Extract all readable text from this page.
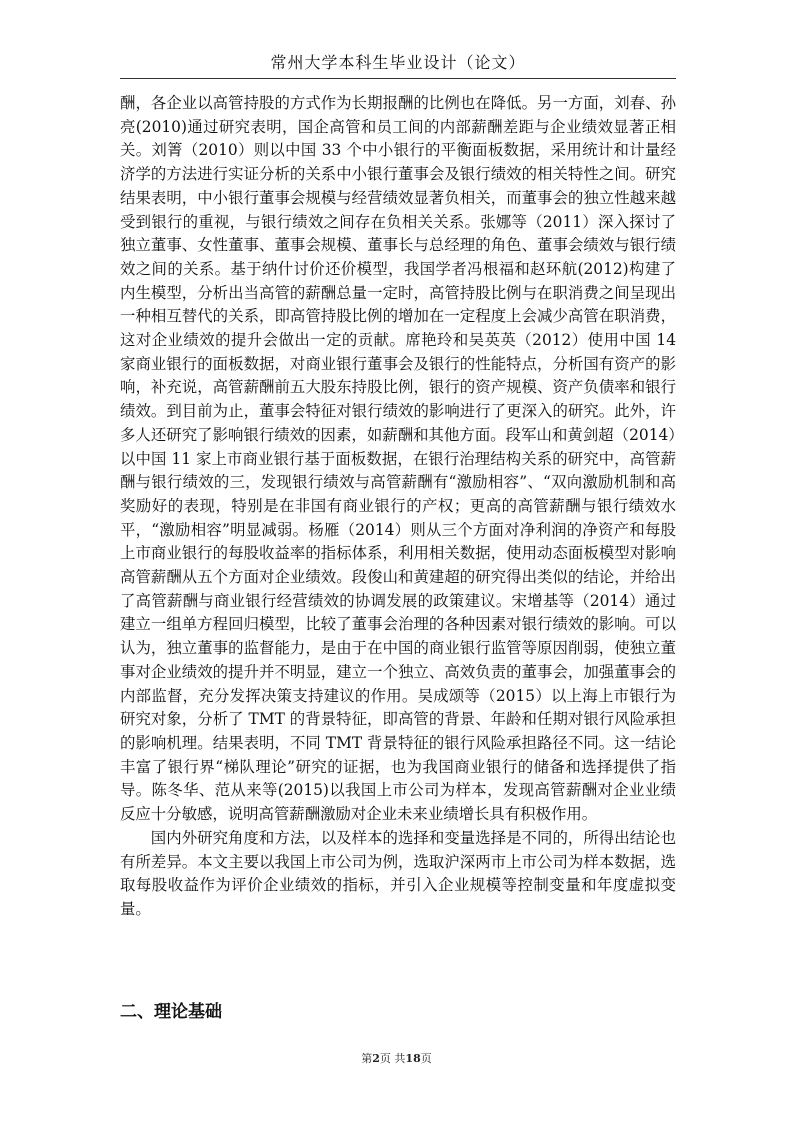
常州大学本科生毕业设计（论文）

酬，各企业以高管持股的方式作为长期报酬的比例也在降低。另一方面，刘春、孙亮(2010)通过研究表明，国企高管和员工间的内部薪酬差距与企业绩效显著正相关。刘箐（2010）则以中国 33 个中小银行的平衡面板数据，采用统计和计量经济学的方法进行实证分析的关系中小银行董事会及银行绩效的相关特性之间。研究结果表明，中小银行董事会规模与经营绩效显著负相关，而董事会的独立性越来越受到银行的重视，与银行绩效之间存在负相关关系。张娜等（2011）深入探讨了独立董事、女性董事、董事会规模、董事长与总经理的角色、董事会绩效与银行绩效之间的关系。基于纳什讨价还价模型，我国学者冯根福和赵环航(2012)构建了内生模型，分析出当高管的薪酬总量一定时，高管持股比例与在职消费之间呈现出一种相互替代的关系，即高管持股比例的增加在一定程度上会减少高管在职消费，这对企业绩效的提升会做出一定的贡献。席艳玲和吴英英（2012）使用中国 14 家商业银行的面板数据，对商业银行董事会及银行的性能特点，分析国有资产的影响，补充说，高管薪酬前五大股东持股比例，银行的资产规模、资产负债率和银行绩效。到目前为止，董事会特征对银行绩效的影响进行了更深入的研究。此外，许多人还研究了影响银行绩效的因素，如薪酬和其他方面。段军山和黄剑超（2014）以中国 11 家上市商业银行基于面板数据，在银行治理结构关系的研究中，高管薪酬与银行绩效的三，发现银行绩效与高管薪酬有“激励相容”、“双向激励机制和高奖励好的表现，特别是在非国有商业银行的产权；更高的高管薪酬与银行绩效水平，“激励相容”明显减弱。杨雁（2014）则从三个方面对净利润的净资产和每股上市商业银行的每股收益率的指标体系，利用相关数据，使用动态面板模型对影响高管薪酬从五个方面对企业绩效。段俊山和黄建超的研究得出类似的结论，并给出了高管薪酬与商业银行经营绩效的协调发展的政策建议。宋增基等（2014）通过建立一组单方程回归模型，比较了董事会治理的各种因素对银行绩效的影响。可以认为，独立董事的监督能力，是由于在中国的商业银行监管等原因削弱，使独立董事对企业绩效的提升并不明显，建立一个独立、高效负责的董事会，加强董事会的内部监督，充分发挥决策支持建议的作用。吴成颂等（2015）以上海上市银行为研究对象，分析了 TMT 的背景特征，即高管的背景、年龄和任期对银行风险承担的影响机理。结果表明，不同 TMT 背景特征的银行风险承担路径不同。这一结论丰富了银行界“梯队理论”研究的证据，也为我国商业银行的储备和选择提供了指导。陈冬华、范从来等(2015)以我国上市公司为样本，发现高管薪酬对企业业绩反应十分敏感，说明高管薪酬激励对企业未来业绩增长具有积极作用。

国内外研究角度和方法，以及样本的选择和变量选择是不同的，所得出结论也有所差异。本文主要以我国上市公司为例，选取沪深两市上市公司为样本数据，选取每股收益作为评价企业绩效的指标，并引入企业规模等控制变量和年度虚拟变量。

二、理论基础
第2页 共18页
